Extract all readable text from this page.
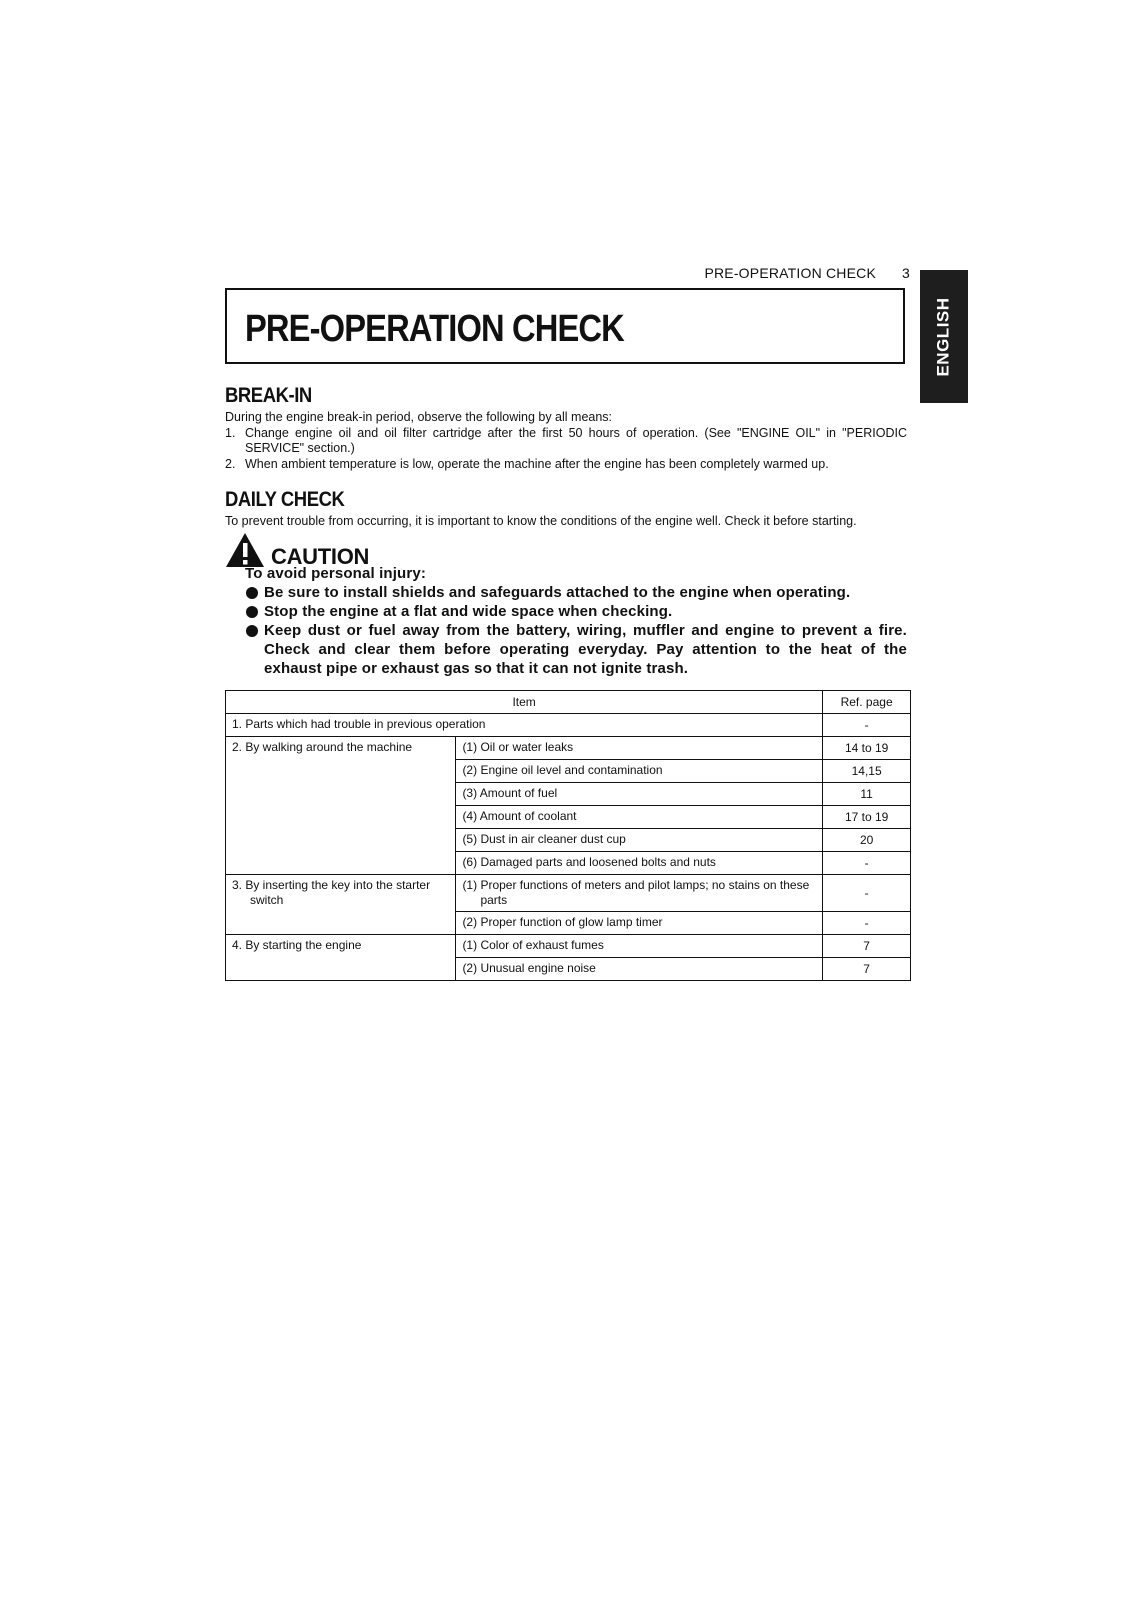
PRE-OPERATION CHECK 3
ENGLISH
PRE-OPERATION CHECK
BREAK-IN
During the engine break-in period, observe the following by all means:
1. Change engine oil and oil filter cartridge after the first 50 hours of operation. (See "ENGINE OIL" in "PERIODIC SERVICE" section.)
2. When ambient temperature is low, operate the machine after the engine has been completely warmed up.
DAILY CHECK
To prevent trouble from occurring, it is important to know the conditions of the engine well. Check it before starting.
CAUTION
To avoid personal injury:
Be sure to install shields and safeguards attached to the engine when operating.
Stop the engine at a flat and wide space when checking.
Keep dust or fuel away from the battery, wiring, muffler and engine to prevent a fire. Check and clear them before operating everyday. Pay attention to the heat of the exhaust pipe or exhaust gas so that it can not ignite trash.
Item		Ref. page
1. Parts which had trouble in previous operation		-
2. By walking around the machine	(1) Oil or water leaks	14 to 19
	(2) Engine oil level and contamination	14,15
	(3) Amount of fuel	11
	(4) Amount of coolant	17 to 19
	(5) Dust in air cleaner dust cup	20
	(6) Damaged parts and loosened bolts and nuts	-

3. By inserting the key into the starter switch	(1) Proper functions of meters and pilot lamps; no stains on these parts	-
	(2) Proper function of glow lamp timer	-
4. By starting the engine	(1) Color of exhaust fumes	7
	(2) Unusual engine noise	7
